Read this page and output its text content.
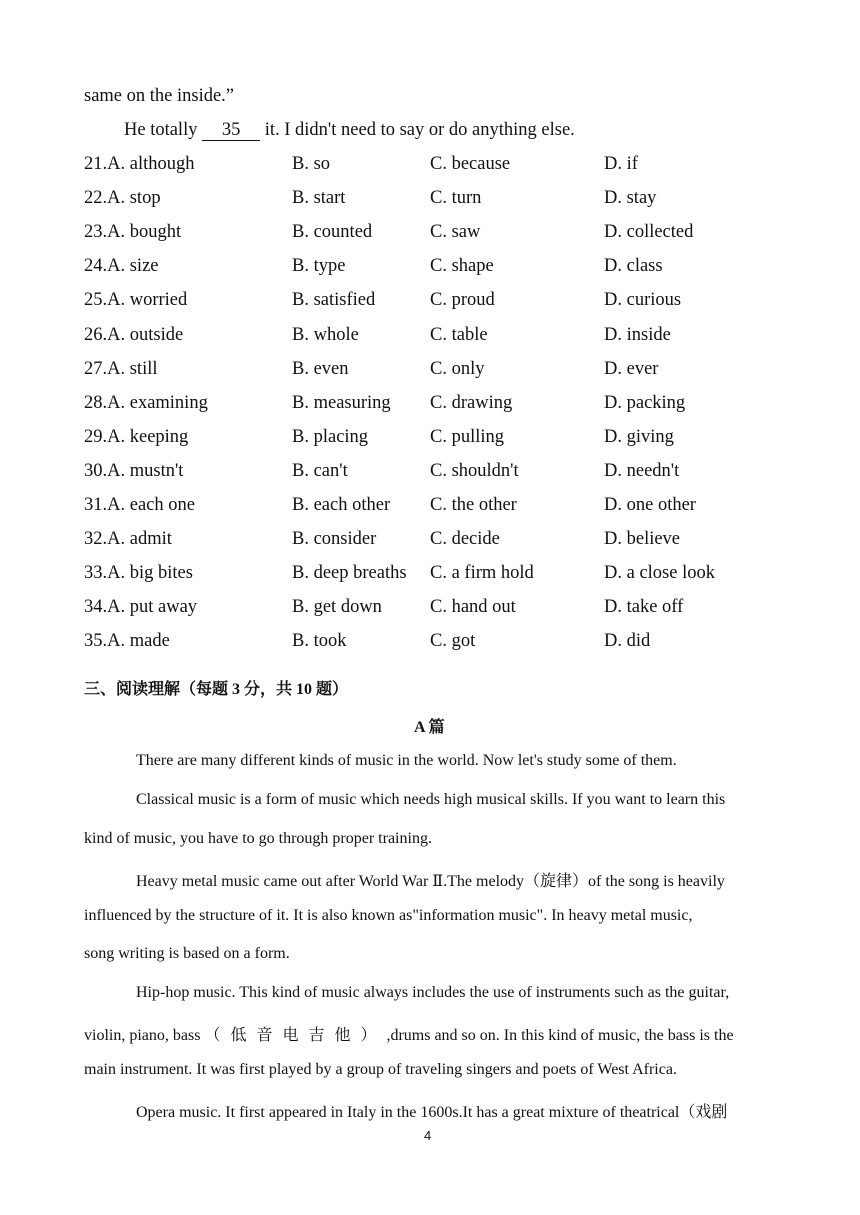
same on the inside.”
He totally 35 it. I didn't need to say or do anything else.
21.A. although	B. so	C. because	D. if
22.A. stop	B. start	C. turn	D. stay
23.A. bought	B. counted	C. saw	D. collected
24.A. size	B. type	C. shape	D. class
25.A. worried	B. satisfied	C. proud	D. curious
26.A. outside	B. whole	C. table	D. inside
27.A. still	B. even	C. only	D. ever
28.A. examining	B. measuring C. drawing	D. packing
29.A. keeping	B. placing	C. pulling	D. giving
30.A. mustn't	B. can't	C. shouldn't	D. needn't
31.A. each one	B. each other C. the other	D. one other
32.A. admit	B. consider	C. decide	D. believe
33.A. big bites	B. deep breaths C. a firm hold	D. a close look
34.A. put away	B. get down	C. hand out	D. take off
35.A. made	B. took	C. got	D. did
三、阅读理解（每题 3 分，共 10 题）
A 篇
There are many different kinds of music in the world. Now let's study some of them.
Classical music is a form of music which needs high musical skills. If you want to learn this
kind of music, you have to go through proper training.
Heavy metal music came out after World War Ⅱ.The melody（旋律）of the song is heavily
influenced by the structure of it. It is also known as"information music". In heavy metal music,
song writing is based on a form.
Hip-hop music. This kind of music always includes the use of instruments such as the guitar,
violin, piano, bass （低音电吉他）,drums and so on. In this kind of music, the bass is the
main instrument. It was first played by a group of traveling singers and poets of West Africa.
Opera music. It first appeared in Italy in the 1600s.It has a great mixture of theatrical（戏剧
4
